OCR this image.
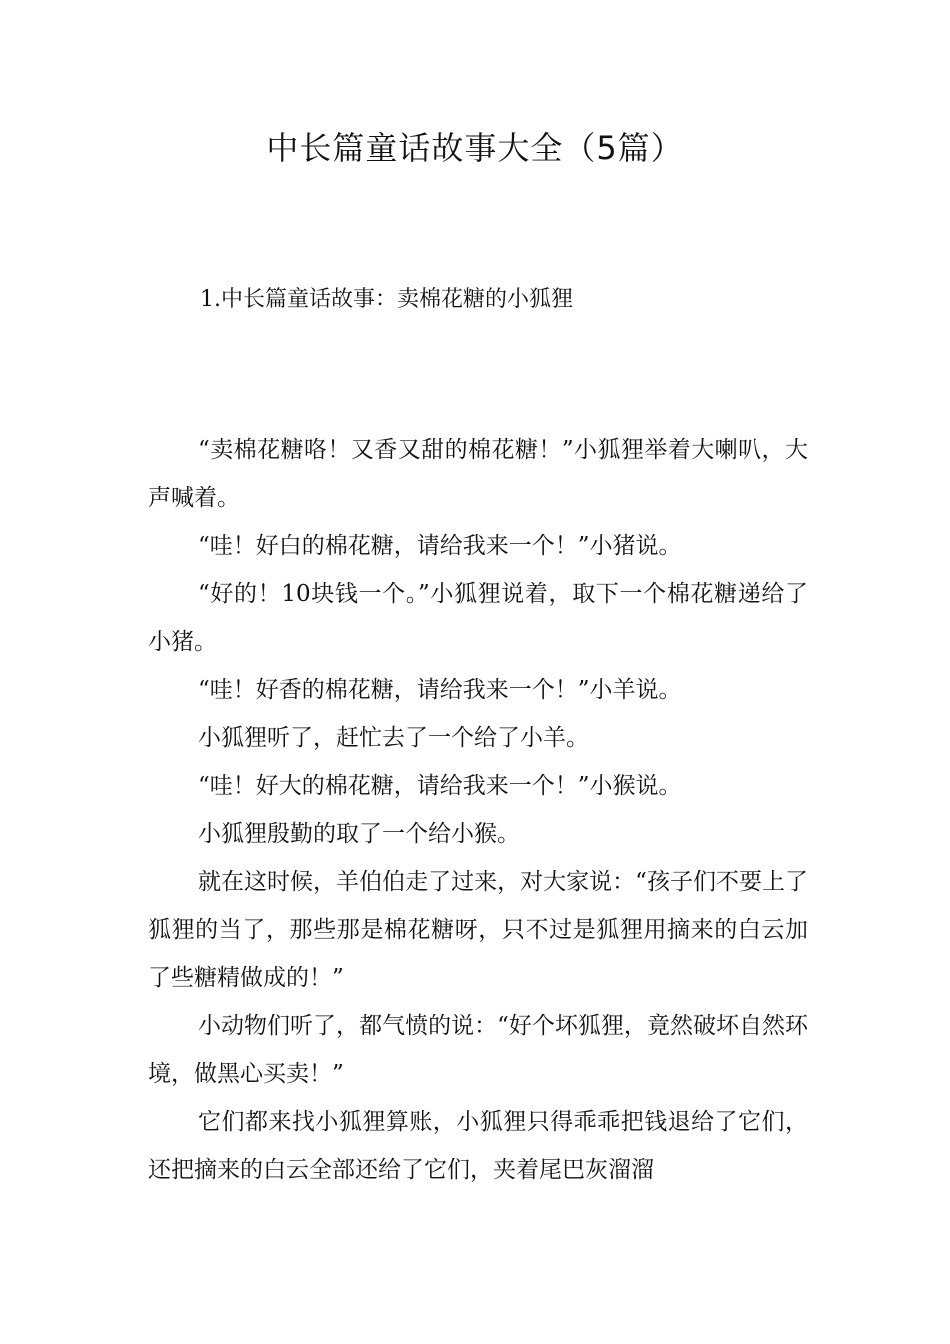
中长篇童话故事大全（5篇）
1.中长篇童话故事：卖棉花糖的小狐狸

“卖棉花糖咯！又香又甜的棉花糖！”小狐狸举着大喇叭，大声喊着。

“哇！好白的棉花糖，请给我来一个！”小猪说。

“好的！10块钱一个。”小狐狸说着，取下一个棉花糖递给了小猪。

“哇！好香的棉花糖，请给我来一个！”小羊说。

小狐狸听了，赶忙去了一个给了小羊。

“哇！好大的棉花糖，请给我来一个！”小猴说。

小狐狸殷勤的取了一个给小猴。

就在这时候，羊伯伯走了过来，对大家说：“孩子们不要上了狐狸的当了，那些那是棉花糖呀，只不过是狐狸用摘来的白云加了些糖精做成的！”

小动物们听了，都气愤的说：“好个坏狐狸，竟然破坏自然环境，做黑心买卖！”

它们都来找小狐狸算账，小狐狸只得乖乖把钱退给了它们，还把摘来的白云全部还给了它们，夹着尾巴灰溜溜
